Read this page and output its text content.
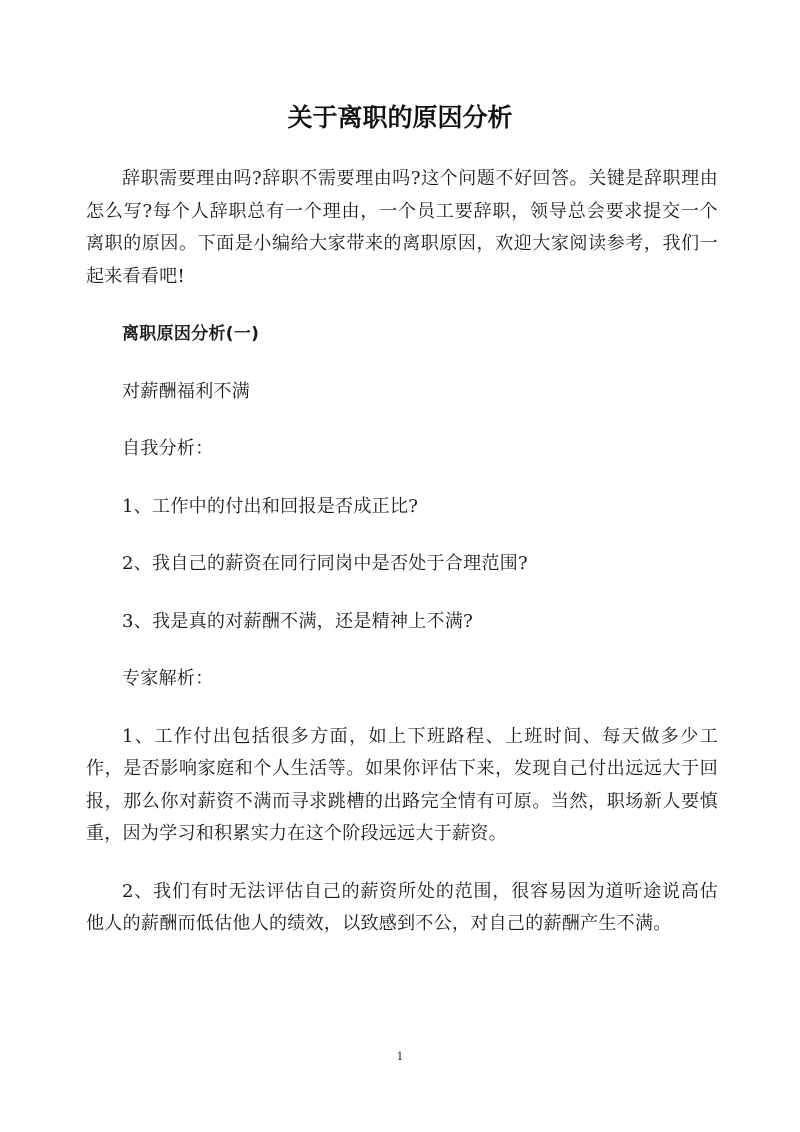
关于离职的原因分析

辞职需要理由吗?辞职不需要理由吗?这个问题不好回答。关键是辞职理由怎么写?每个人辞职总有一个理由，一个员工要辞职，领导总会要求提交一个离职的原因。下面是小编给大家带来的离职原因，欢迎大家阅读参考，我们一起来看看吧!

离职原因分析(一)

对薪酬福利不满

自我分析：

1、工作中的付出和回报是否成正比?

2、我自己的薪资在同行同岗中是否处于合理范围?

3、我是真的对薪酬不满，还是精神上不满?

专家解析：

1、工作付出包括很多方面，如上下班路程、上班时间、每天做多少工作，是否影响家庭和个人生活等。如果你评估下来，发现自己付出远远大于回报，那么你对薪资不满而寻求跳槽的出路完全情有可原。当然，职场新人要慎重，因为学习和积累实力在这个阶段远远大于薪资。

2、我们有时无法评估自己的薪资所处的范围，很容易因为道听途说高估他人的薪酬而低估他人的绩效，以致感到不公，对自己的薪酬产生不满。

1
